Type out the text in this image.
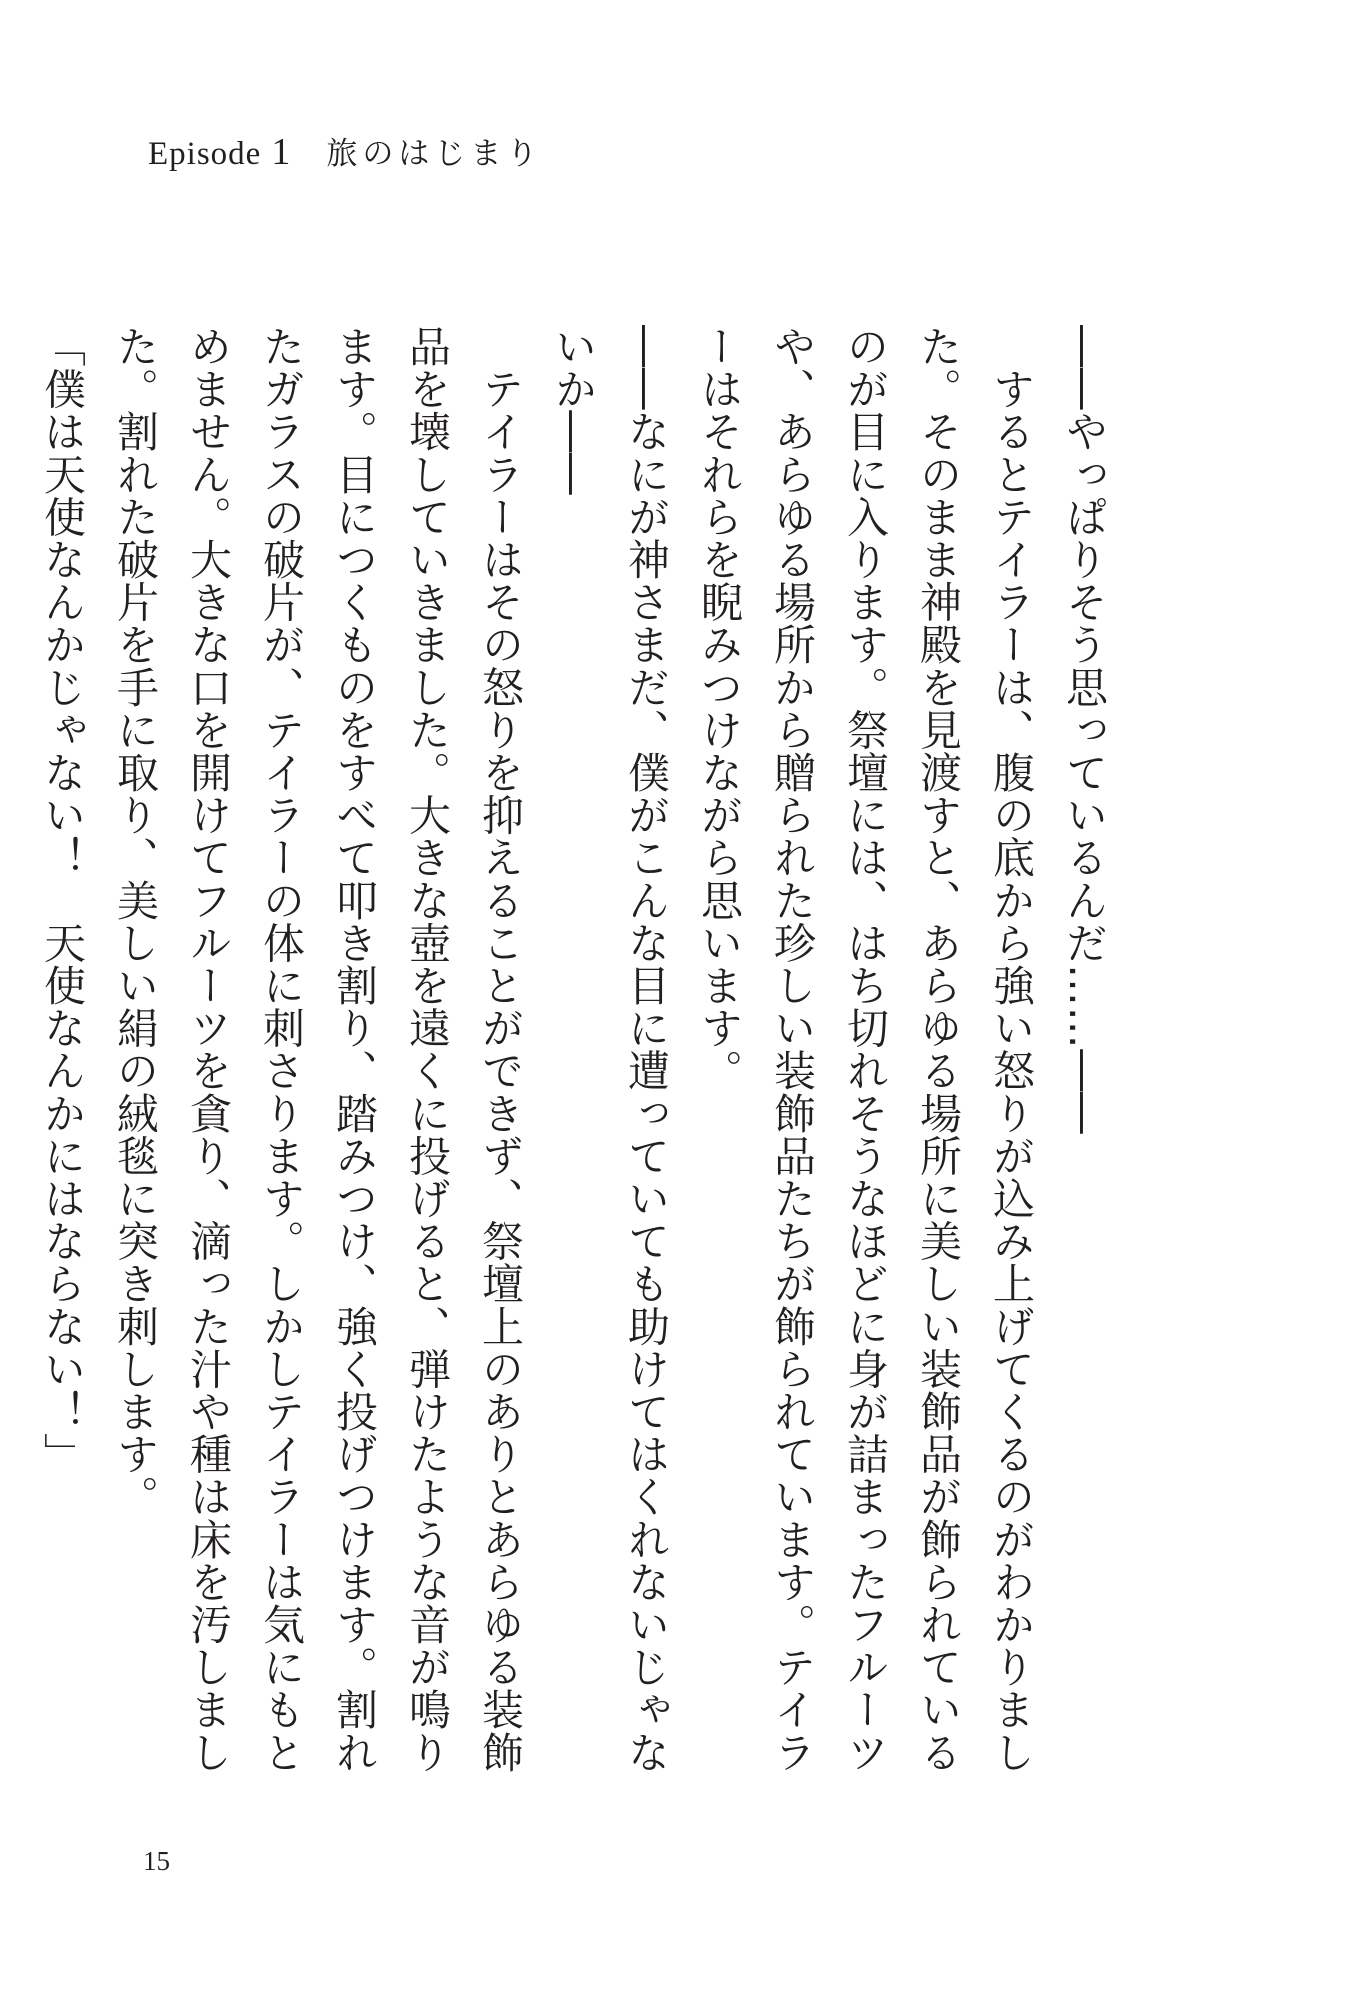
Episode 1 旅のはじまり

――やっぱりそう思っているんだ……――

　するとテイラーは、腹の底から強い怒りが込み上げてくるのがわかりました。そのまま神殿を見渡すと、あらゆる場所に美しい装飾品が飾られているのが目に入ります。祭壇には、はち切れそうなほどに身が詰まったフルーツや、あらゆる場所から贈られた珍しい装飾品たちが飾られています。テイラーはそれらを睨みつけながら思います。

――なにが神さまだ、僕がこんな目に遭っていても助けてはくれないじゃないか――

　テイラーはその怒りを抑えることができず、祭壇上のありとあらゆる装飾品を壊していきました。大きな壺を遠くに投げると、弾けたような音が鳴ります。目につくものをすべて叩き割り、踏みつけ、強く投げつけます。割れたガラスの破片が、テイラーの体に刺さります。しかしテイラーは気にもとめません。大きな口を開けてフルーツを貪り、滴った汁や種は床を汚しました。割れた破片を手に取り、美しい絹の絨毯に突き刺します。

「僕は天使なんかじゃない！　天使なんかにはならない！」

15
